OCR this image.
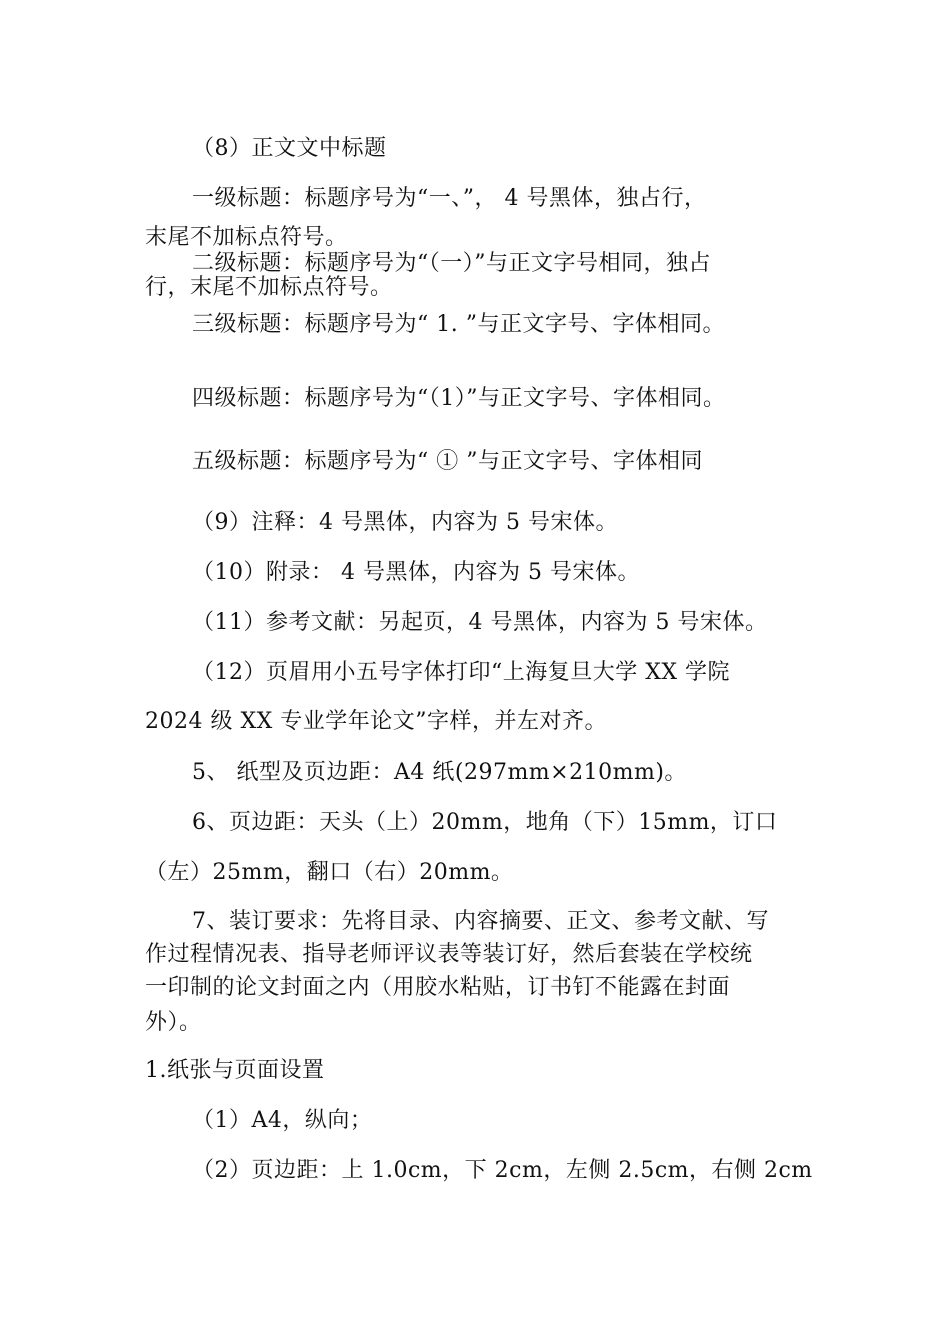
（8）正文文中标题
一级标题：标题序号为“一、”， 4 号黑体，独占行，
末尾不加标点符号。
二级标题：标题序号为“（一）”与正文字号相同，独占
行，末尾不加标点符号。
三级标题：标题序号为“ 1. ”与正文字号、字体相同。
四级标题：标题序号为“（1）”与正文字号、字体相同。
五级标题：标题序号为“ ① ”与正文字号、字体相同
（9）注释：4 号黑体，内容为 5 号宋体。
（10）附录： 4 号黑体，内容为 5 号宋体。
（11）参考文献：另起页，4 号黑体，内容为 5 号宋体。
（12）页眉用小五号字体打印“上海复旦大学 XX 学院
2024 级 XX 专业学年论文”字样，并左对齐。
5、 纸型及页边距：A4 纸(297mm×210mm)。
6、页边距：天头（上）20mm，地角（下）15mm，订口
（左）25mm，翻口（右）20mm。
7、装订要求：先将目录、内容摘要、正文、参考文献、写
作过程情况表、指导老师评议表等装订好，然后套装在学校统
一印制的论文封面之内（用胶水粘贴，订书钉不能露在封面
外）。
1.纸张与页面设置
（1）A4，纵向；
（2）页边距：上 1.0cm，下 2cm，左侧 2.5cm，右侧 2cm
